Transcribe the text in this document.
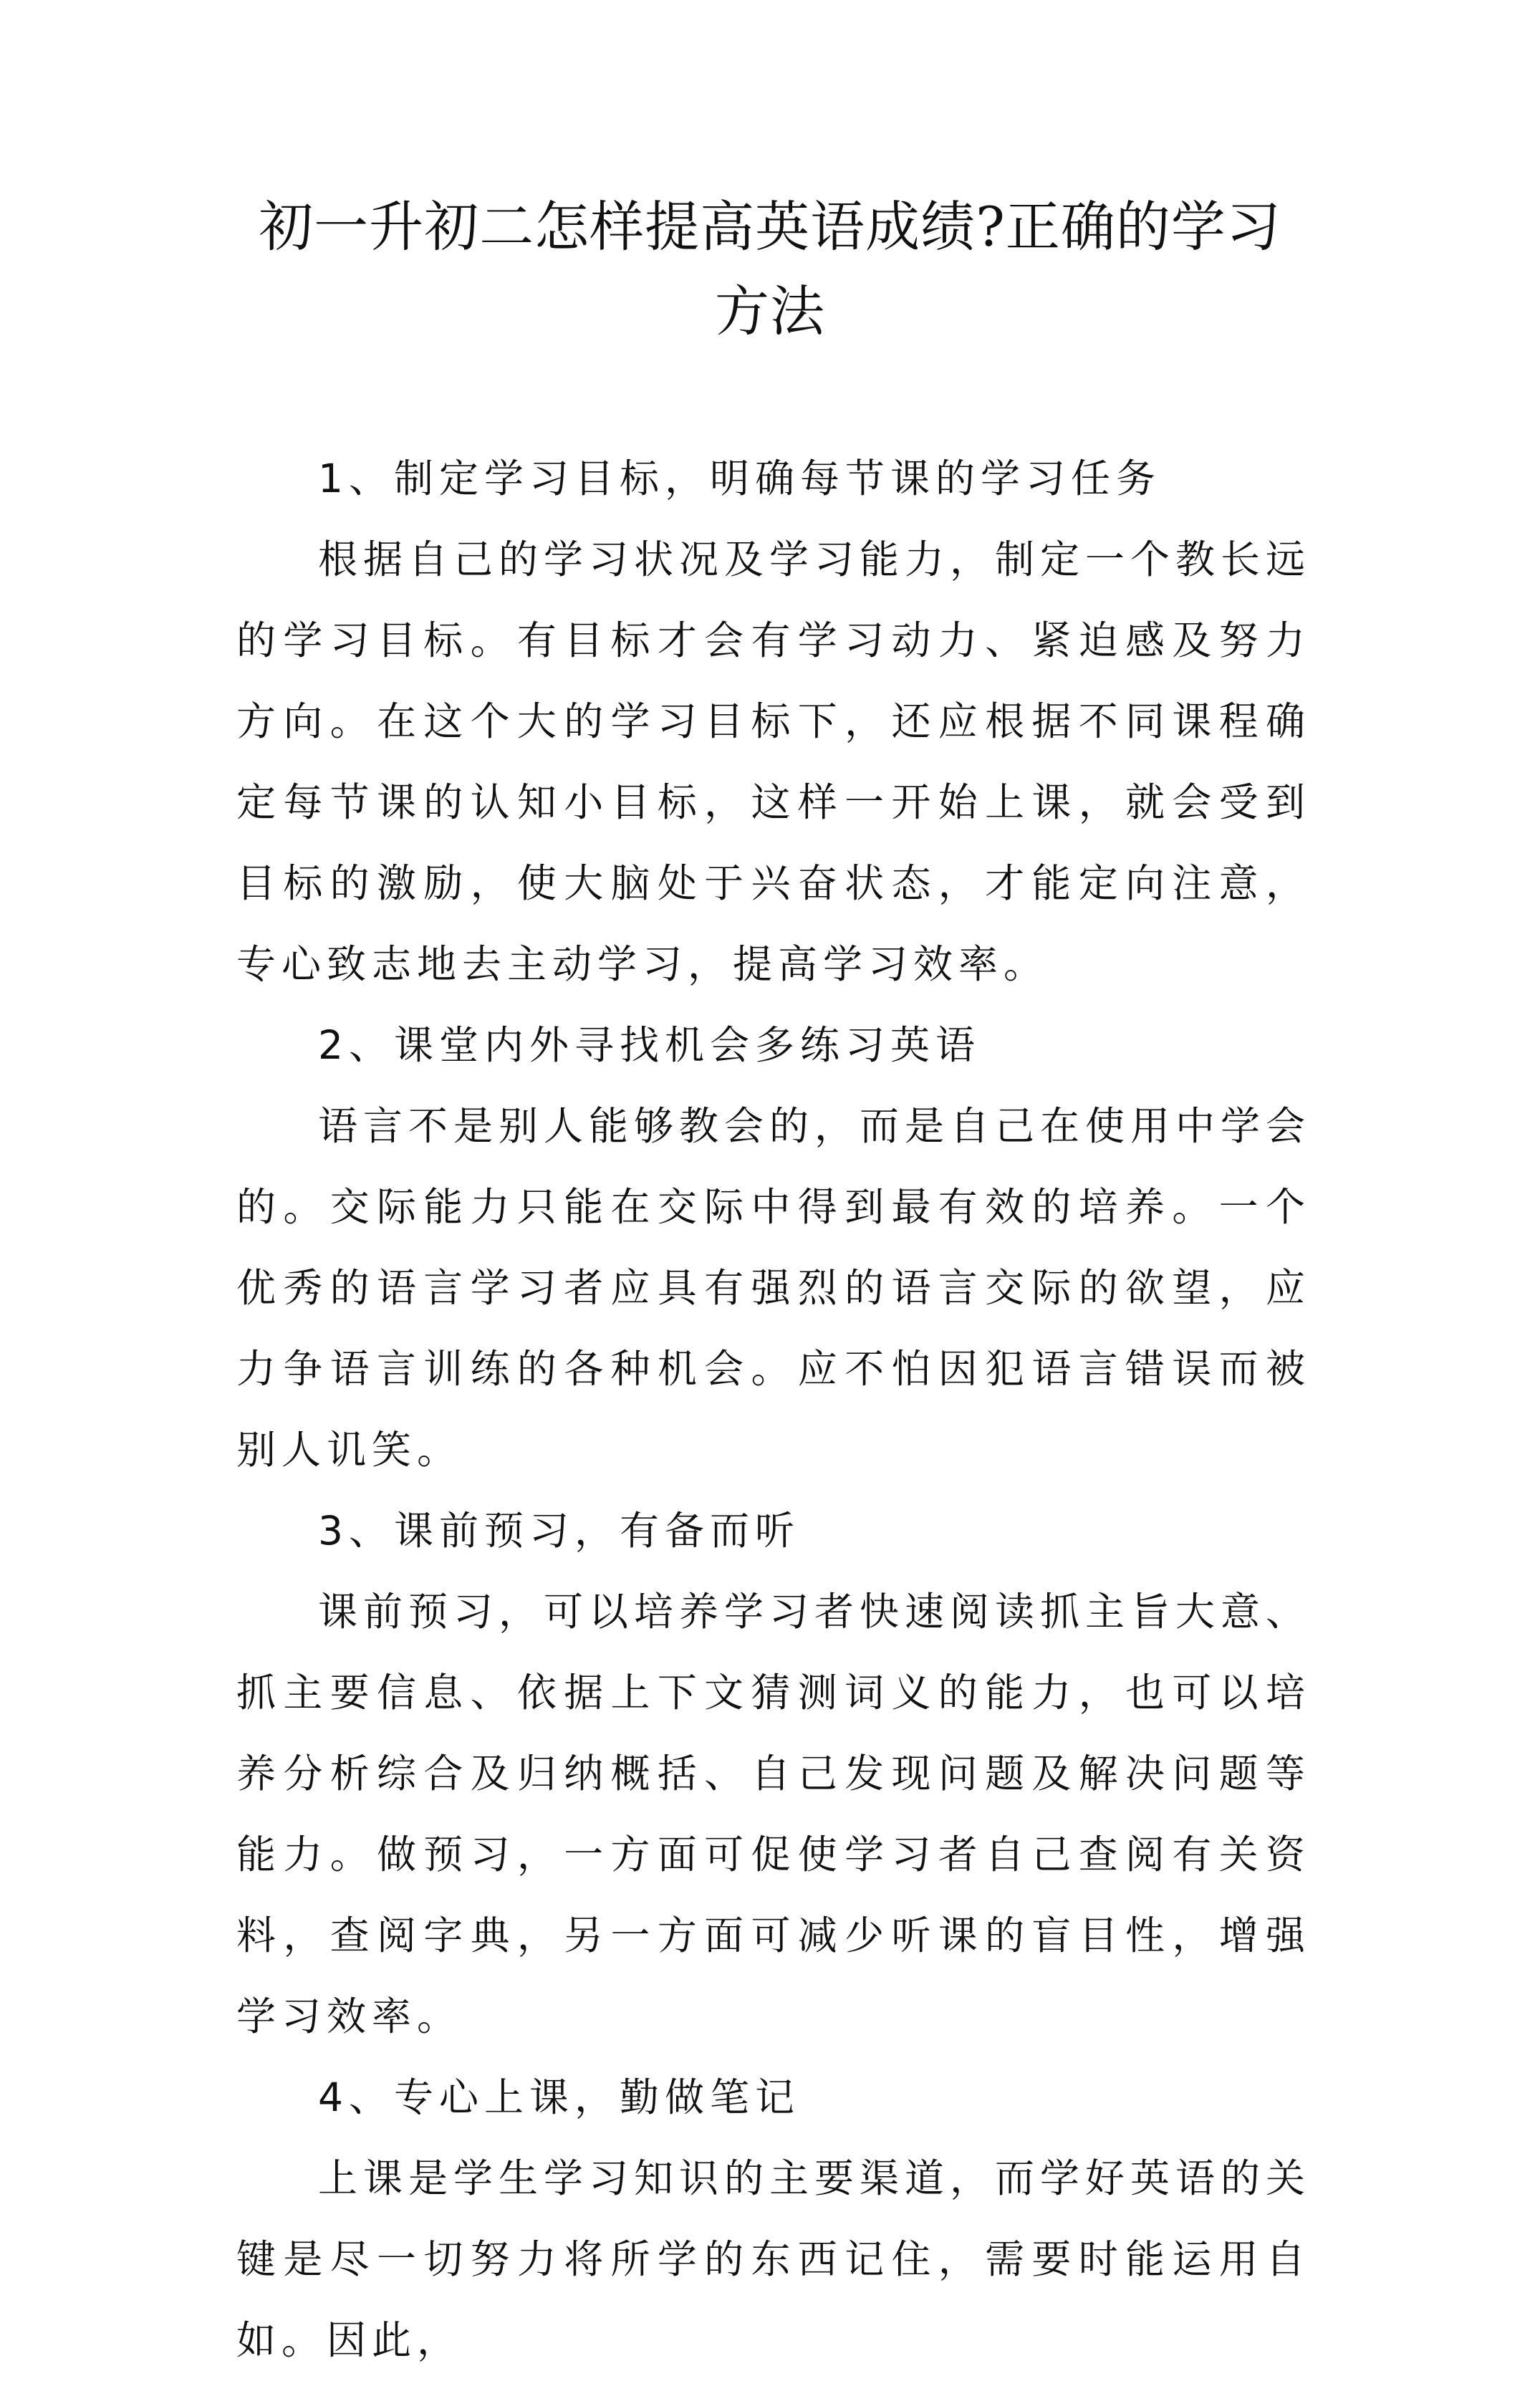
初一升初二怎样提高英语成绩?正确的学习
方法

1、制定学习目标，明确每节课的学习任务

根据自己的学习状况及学习能力，制定一个教长远的学习目标。有目标才会有学习动力、紧迫感及努力方向。在这个大的学习目标下，还应根据不同课程确定每节课的认知小目标，这样一开始上课，就会受到目标的激励，使大脑处于兴奋状态，才能定向注意，专心致志地去主动学习，提高学习效率。

2、课堂内外寻找机会多练习英语

语言不是别人能够教会的，而是自己在使用中学会的。交际能力只能在交际中得到最有效的培养。一个优秀的语言学习者应具有强烈的语言交际的欲望，应力争语言训练的各种机会。应不怕因犯语言错误而被别人讥笑。

3、课前预习，有备而听

课前预习，可以培养学习者快速阅读抓主旨大意、抓主要信息、依据上下文猜测词义的能力，也可以培养分析综合及归纳概括、自己发现问题及解决问题等能力。做预习，一方面可促使学习者自己查阅有关资料，查阅字典，另一方面可减少听课的盲目性，增强学习效率。

4、专心上课，勤做笔记

上课是学生学习知识的主要渠道，而学好英语的关键是尽一切努力将所学的东西记住，需要时能运用自如。因此，
